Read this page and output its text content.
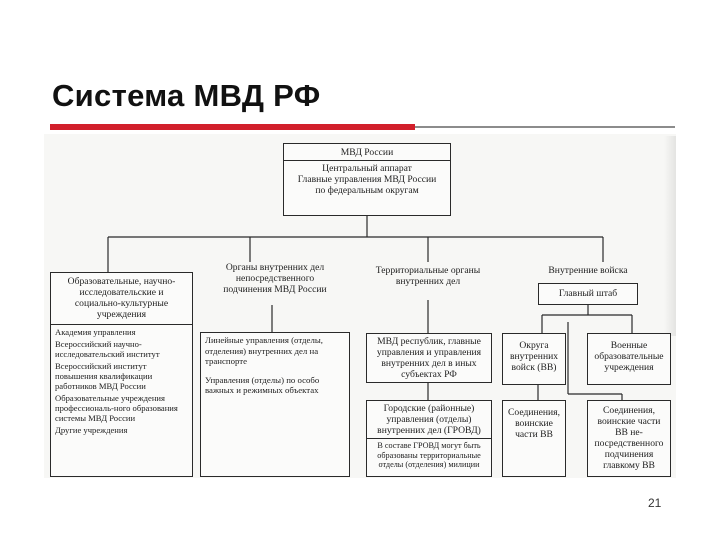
Система МВД РФ
МВД России
Центральный аппарат
Главные управления МВД России
по федеральным округам
Образовательные, научно-
исследовательские и
социально-культурные
учреждения
Академия управления
Всероссийский научно-исследовательский институт
Всероссийский институт повышения квалификации работников МВД России
Образовательные учреждения профессиональ-ного образования системы МВД России
Другие учреждения
Органы внутренних дел
непосредственного
подчинения МВД России
Линейные управления (отделы, отделения) внутренних дел на транспорте
Управления (отделы) по особо важных и режимных объектах
Территориальные органы
внутренних дел
МВД республик, главные
управления и управления
внутренних дел в иных
субъектах РФ
Городские (районные)
управления (отделы)
внутренних дел (ГРОВД)
В составе ГРОВД могут быть
образованы территориальные
отделы (отделения) милиции
Внутренние войска
Главный штаб
Округа
внутренних
войск (ВВ)
Военные
образовательные
учреждения
Соединения,
воинские
части ВВ
Соединения,
воинские части
ВВ не-
посредственного
подчинения
главкому ВВ
21
